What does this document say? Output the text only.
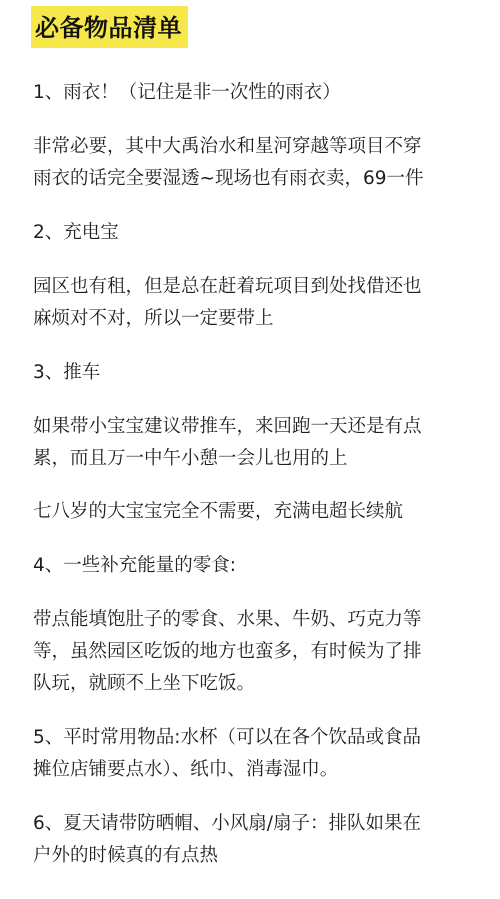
必备物品清单

1、雨衣！（记住是非一次性的雨衣）

非常必要，其中大禹治水和星河穿越等项目不穿
雨衣的话完全要湿透~现场也有雨衣卖，69一件

2、充电宝

园区也有租，但是总在赶着玩项目到处找借还也
麻烦对不对，所以一定要带上

3、推车

如果带小宝宝建议带推车，来回跑一天还是有点
累，而且万一中午小憩一会儿也用的上

七八岁的大宝宝完全不需要，充满电超长续航

4、一些补充能量的零食:

带点能填饱肚子的零食、水果、牛奶、巧克力等
等，虽然园区吃饭的地方也蛮多，有时候为了排
队玩，就顾不上坐下吃饭。

5、平时常用物品:水杯（可以在各个饮品或食品
摊位店铺要点水）、纸巾、消毒湿巾。

6、夏天请带防晒帽、小风扇/扇子：排队如果在
户外的时候真的有点热
